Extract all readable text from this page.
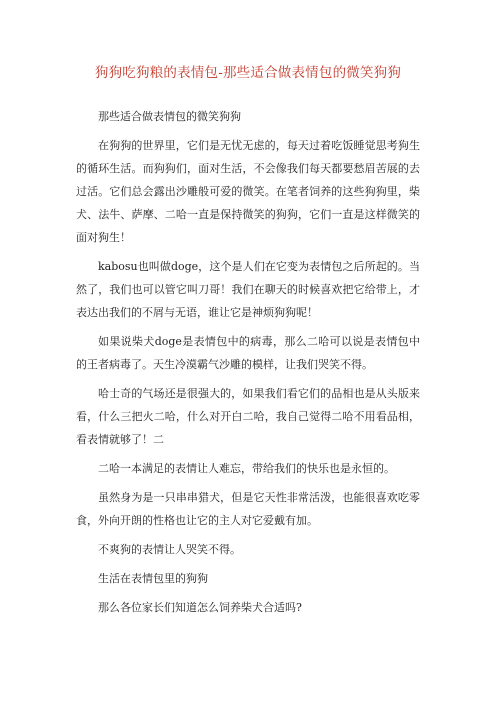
狗狗吃狗粮的表情包-那些适合做表情包的微笑狗狗

那些适合做表情包的微笑狗狗

在狗狗的世界里，它们是无忧无虑的，每天过着吃饭睡觉思考狗生的循环生活。而狗狗们，面对生活，不会像我们每天都要愁眉苦展的去过活。它们总会露出沙雕般可爱的微笑。在笔者饲养的这些狗狗里，柴犬、法牛、萨摩、二哈一直是保持微笑的狗狗，它们一直是这样微笑的面对狗生！

kabosu也叫做doge，这个是人们在它变为表情包之后所起的。当然了，我们也可以管它叫刀哥！我们在聊天的时候喜欢把它给带上，才表达出我们的不屑与无语，谁让它是神烦狗狗呢！

如果说柴犬doge是表情包中的病毒，那么二哈可以说是表情包中的王者病毒了。天生冷漠霸气沙雕的模样，让我们哭笑不得。

哈士奇的气场还是很强大的，如果我们看它们的品相也是从头版来看，什么三把火二哈，什么对开白二哈，我自己觉得二哈不用看品相，看表情就够了！二

二哈一本满足的表情让人难忘，带给我们的快乐也是永恒的。

虽然身为是一只串串猎犬，但是它天性非常活泼，也能很喜欢吃零食，外向开朗的性格也让它的主人对它爱戴有加。

不爽狗的表情让人哭笑不得。

生活在表情包里的狗狗

那么各位家长们知道怎么饲养柴犬合适吗?
